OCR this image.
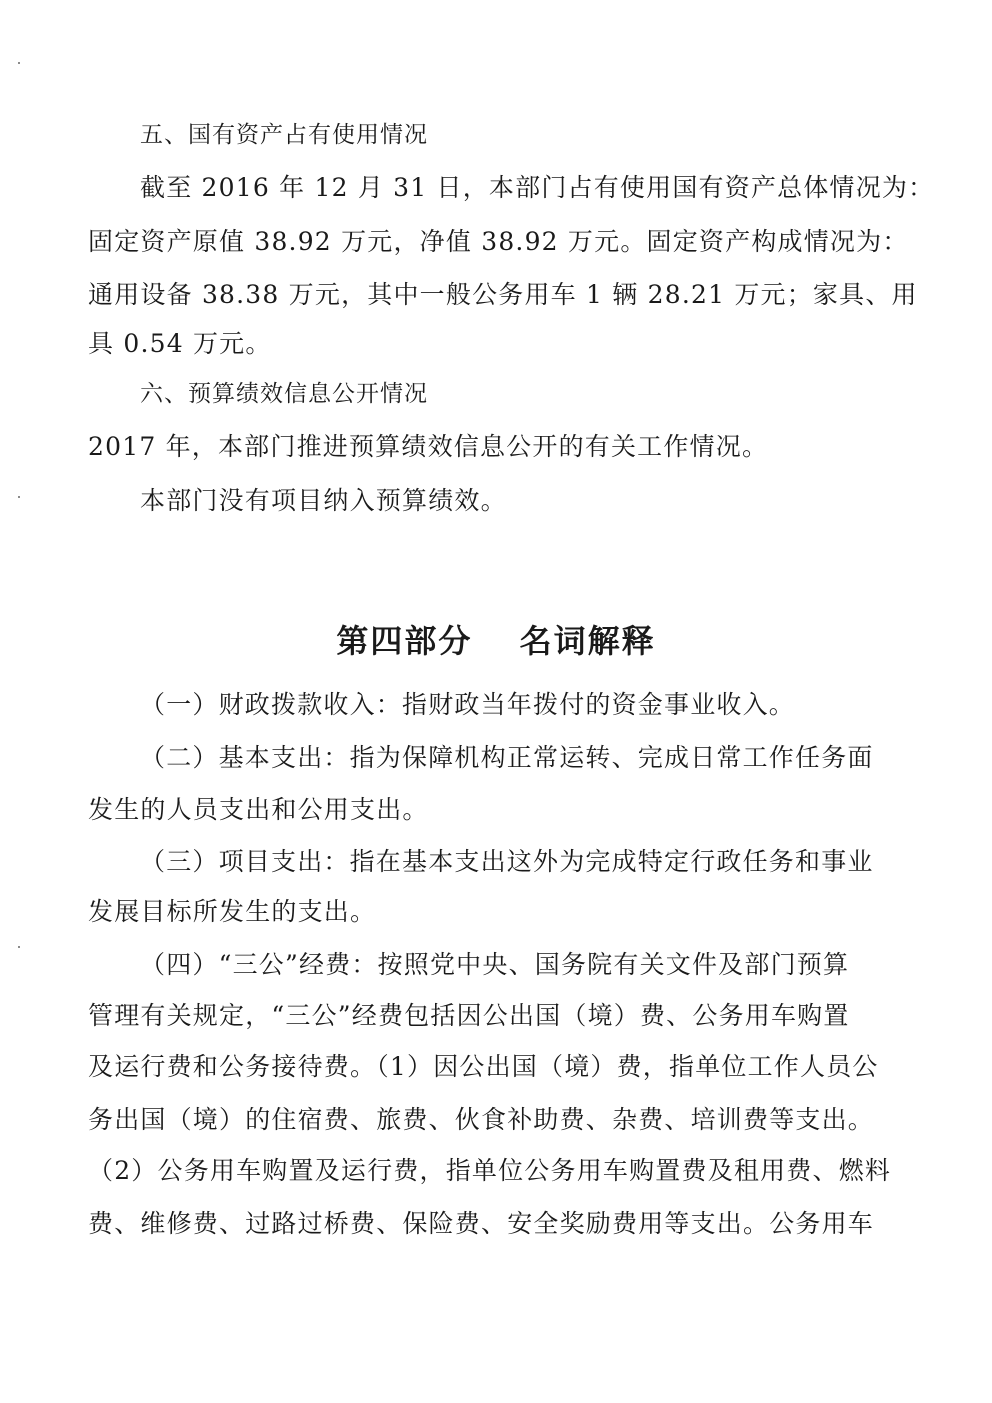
五、国有资产占有使用情况
截至 2016 年 12 月 31 日，本部门占有使用国有资产总体情况为：
固定资产原值 38.92 万元，净值 38.92 万元。固定资产构成情况为：
通用设备 38.38 万元，其中一般公务用车 1 辆 28.21 万元；家具、用
具 0.54 万元。
六、预算绩效信息公开情况
2017 年，本部门推进预算绩效信息公开的有关工作情况。
本部门没有项目纳入预算绩效。
第四部分　 名词解释
（一）财政拨款收入：指财政当年拨付的资金事业收入。
（二）基本支出：指为保障机构正常运转、完成日常工作任务面
发生的人员支出和公用支出。
（三）项目支出：指在基本支出这外为完成特定行政任务和事业
发展目标所发生的支出。
（四）“三公”经费：按照党中央、国务院有关文件及部门预算
管理有关规定，“三公”经费包括因公出国（境）费、公务用车购置
及运行费和公务接待费。（1）因公出国（境）费，指单位工作人员公
务出国（境）的住宿费、旅费、伙食补助费、杂费、培训费等支出。
（2）公务用车购置及运行费，指单位公务用车购置费及租用费、燃料
费、维修费、过路过桥费、保险费、安全奖励费用等支出。公务用车
